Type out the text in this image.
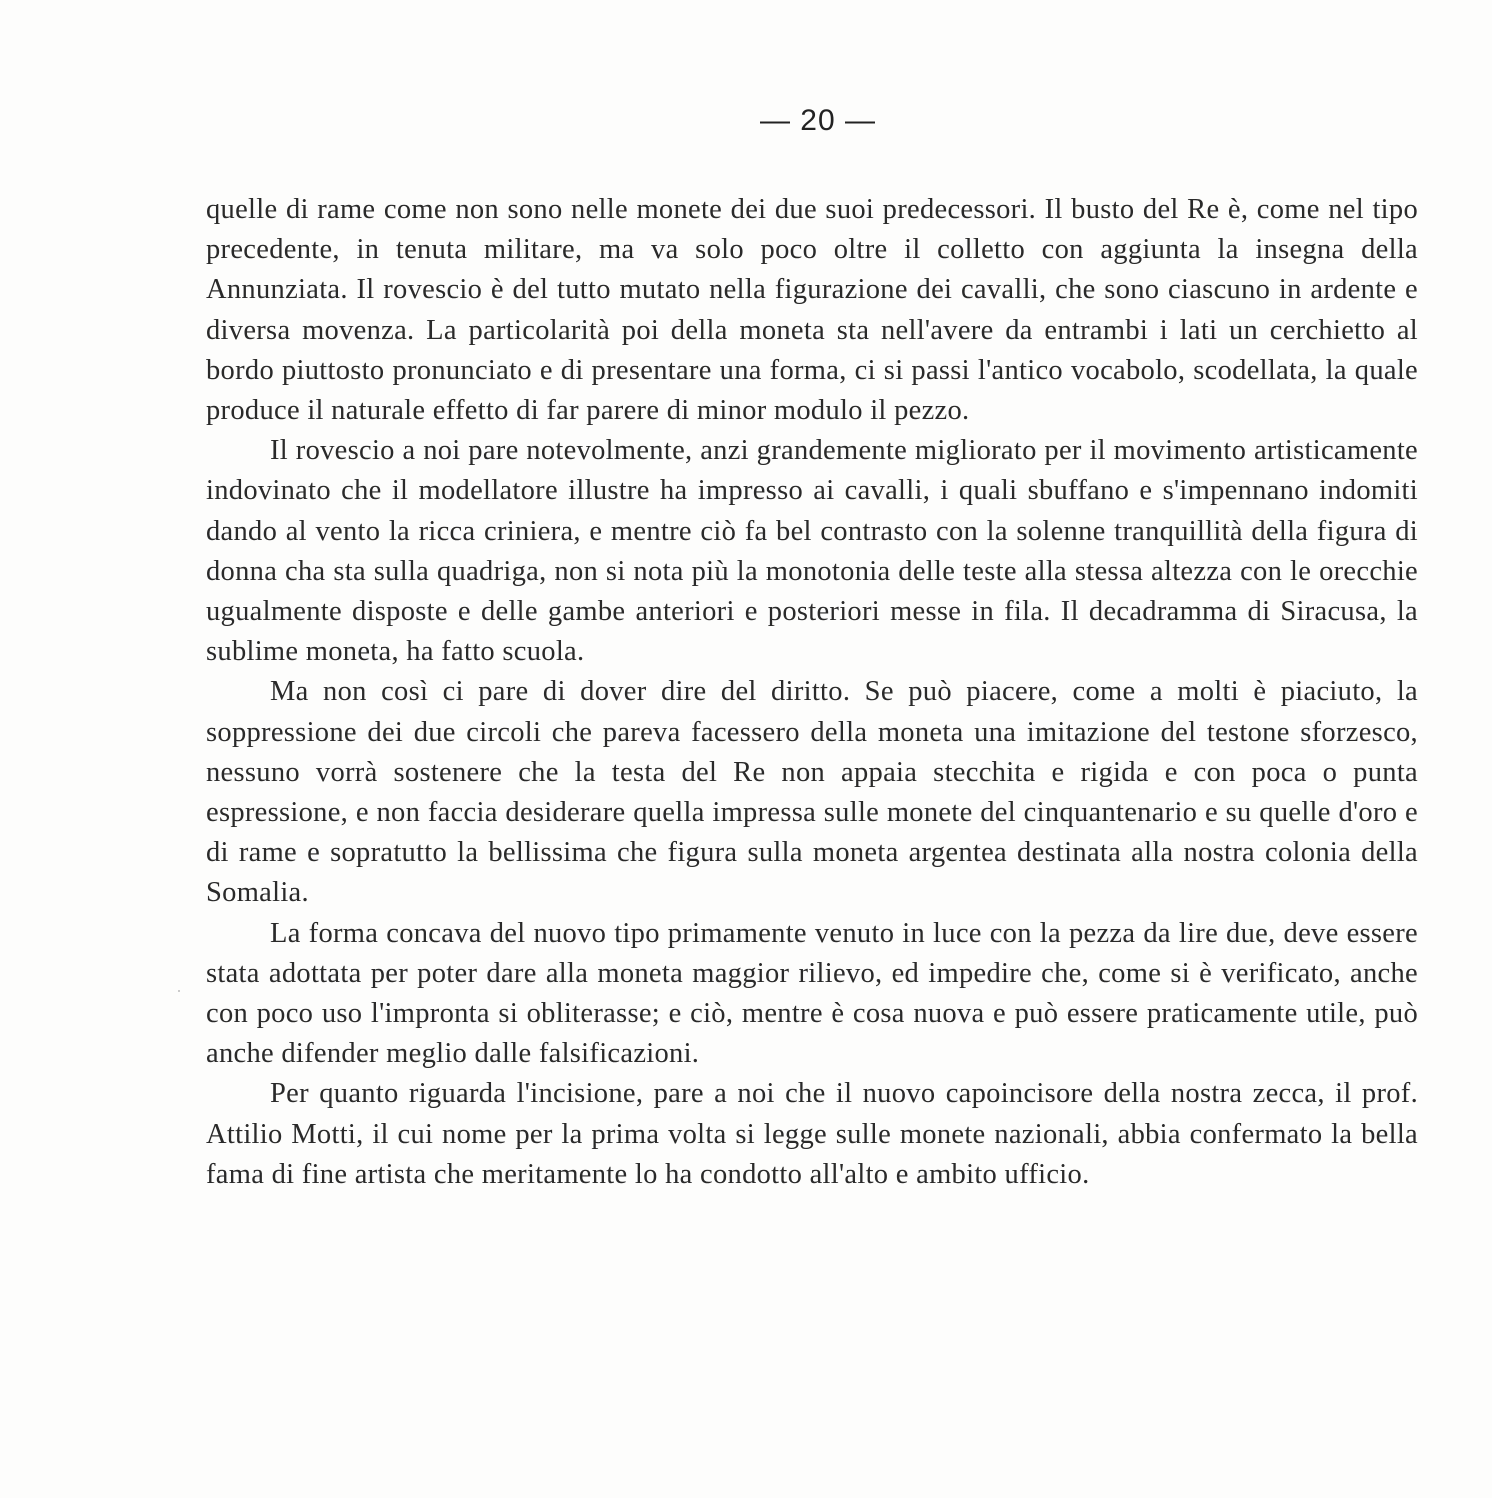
— 20 —

quelle di rame come non sono nelle monete dei due suoi predecessori. Il busto del Re è, come nel tipo precedente, in tenuta militare, ma va solo poco oltre il colletto con aggiunta la insegna della Annunziata. Il rovescio è del tutto mutato nella figurazione dei cavalli, che sono ciascuno in ardente e diversa movenza. La particolarità poi della moneta sta nell'avere da entrambi i lati un cerchietto al bordo piuttosto pronunciato e di presentare una forma, ci si passi l'antico vocabolo, scodellata, la quale produce il naturale effetto di far parere di minor modulo il pezzo.

Il rovescio a noi pare notevolmente, anzi grandemente migliorato per il movimento artisticamente indovinato che il modellatore illustre ha impresso ai cavalli, i quali sbuffano e s'impennano indomiti dando al vento la ricca criniera, e mentre ciò fa bel contrasto con la solenne tranquillità della figura di donna cha sta sulla quadriga, non si nota più la monotonia delle teste alla stessa altezza con le orecchie ugualmente disposte e delle gambe anteriori e posteriori messe in fila. Il decadramma di Siracusa, la sublime moneta, ha fatto scuola.

Ma non così ci pare di dover dire del diritto. Se può piacere, come a molti è piaciuto, la soppressione dei due circoli che pareva facessero della moneta una imitazione del testone sforzesco, nessuno vorrà sostenere che la testa del Re non appaia stecchita e rigida e con poca o punta espressione, e non faccia desiderare quella impressa sulle monete del cinquantenario e su quelle d'oro e di rame e sopratutto la bellissima che figura sulla moneta argentea destinata alla nostra colonia della Somalia.

La forma concava del nuovo tipo primamente venuto in luce con la pezza da lire due, deve essere stata adottata per poter dare alla moneta maggior rilievo, ed impedire che, come si è verificato, anche con poco uso l'impronta si obliterasse; e ciò, mentre è cosa nuova e può essere praticamente utile, può anche difender meglio dalle falsificazioni.

Per quanto riguarda l'incisione, pare a noi che il nuovo capoincisore della nostra zecca, il prof. Attilio Motti, il cui nome per la prima volta si legge sulle monete nazionali, abbia confermato la bella fama di fine artista che meritamente lo ha condotto all'alto e ambito ufficio.
